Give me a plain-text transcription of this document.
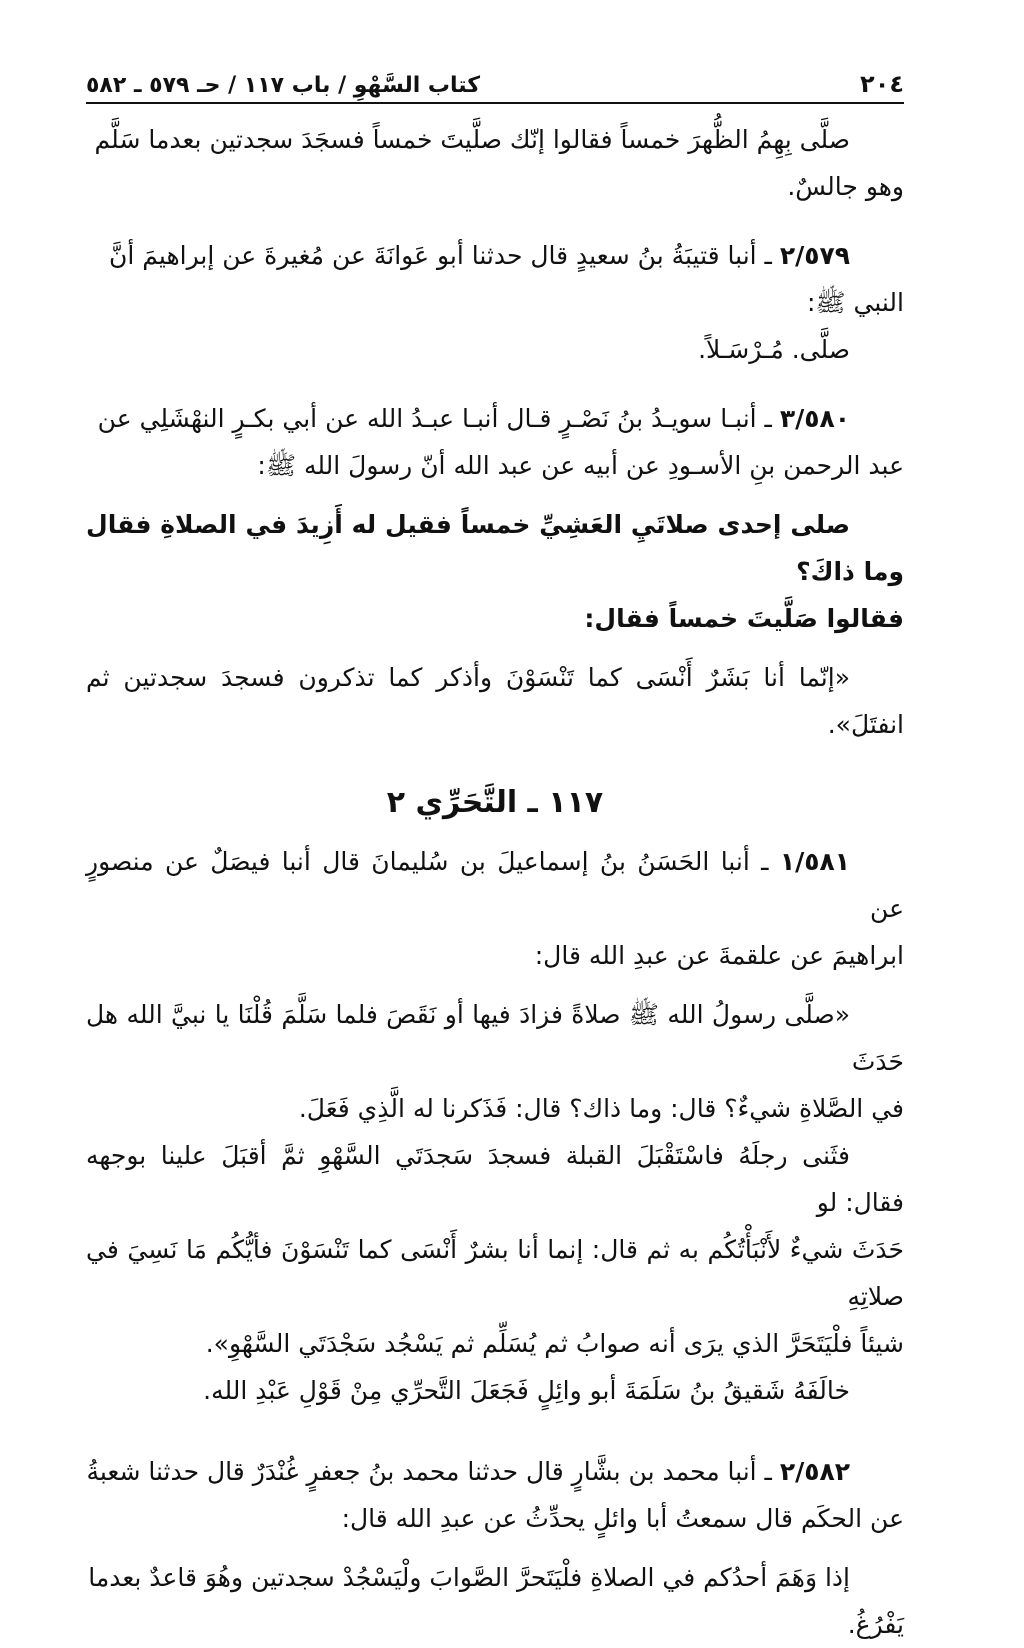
٢٠٤
كتاب السَّهْوِ / باب ١١٧ / حـ ٥٧٩ ـ ٥٨٢

صلَّى بِهِمُ الظُّهرَ خمساً فقالوا إنّك صلَّيتَ خمساً فسجَدَ سجدتين بعدما سَلَّم

وهو جالسٌ.

٢/٥٧٩ ـ أنبا قتيبَةُ بنُ سعيدٍ قال حدثنا أبو عَوانَةَ عن مُغيرةَ عن إبراهيمَ أنَّ

النبي ﷺ:

صلَّى. مُـرْسَـلاً.

٣/٥٨٠ ـ أنبـا سويـدُ بنُ نَصْـرٍ قـال أنبـا عبـدُ الله عن أبي بكـرٍ النهْشَلِي عن

عبد الرحمن بنِ الأسـودِ عن أبيه عن عبد الله أنّ رسولَ الله ﷺ:

صلى إحدى صلاتَيِ العَشِيِّ خمساً فقيل له أَزِيدَ في الصلاةِ فقال وما ذاكَ؟

فقالوا صَلَّيتَ خمساً فقال:

«إنّما أنا بَشَرٌ أَنْسَى كما تَنْسَوْنَ وأذكر كما تذكرون فسجدَ سجدتين ثم انفتَلَ».

١١٧ ـ التَّحَرِّي ٢

١/٥٨١ ـ أنبا الحَسَنُ بنُ إسماعيلَ بن سُليمانَ قال أنبا فيصَلٌ عن منصورٍ عن

ابراهيمَ عن علقمةَ عن عبدِ الله قال:

«صلَّى رسولُ الله ﷺ صلاةً فزادَ فيها أو نَقَصَ فلما سَلَّمَ قُلْنَا يا نبيَّ الله هل حَدَثَ

في الصَّلاةِ شيءٌ؟ قال: وما ذاك؟ قال: فَذَكرنا له الَّذِي فَعَلَ.

فثَنى رجلَهُ فاسْتَقْبَلَ القبلة فسجدَ سَجدَتَي السَّهْوِ ثمَّ أقبَلَ علينا بوجهه فقال: لو

حَدَثَ شيءٌ لأَنْبَأْتُكُم به ثم قال: إنما أنا بشرٌ أَنْسَى كما تَنْسَوْنَ فأيُّكُم مَا نَسِيَ في صلاتِهِ

شيئاً فلْيَتَحَرَّ الذي يرَى أنه صوابُ ثم يُسَلِّم ثم يَسْجُد سَجْدَتَي السَّهْوِ».

خالَفَهُ شَقيقُ بنُ سَلَمَةَ أبو وائِلٍ فَجَعَلَ التَّحرِّي مِنْ قَوْلِ عَبْدِ الله.

٢/٥٨٢ ـ أنبا محمد بن بشَّارٍ قال حدثنا محمد بنُ جعفرٍ غُنْدَرٌ قال حدثنا شعبةُ

عن الحكَم قال سمعتُ أبا وائلٍ يحدِّثُ عن عبدِ الله قال:

إذا وَهَمَ أحدُكم في الصلاةِ فلْيَتَحرَّ الصَّوابَ ولْيَسْجُدْ سجدتين وهُوَ قاعدٌ بعدما

يَفْرُغُ.
